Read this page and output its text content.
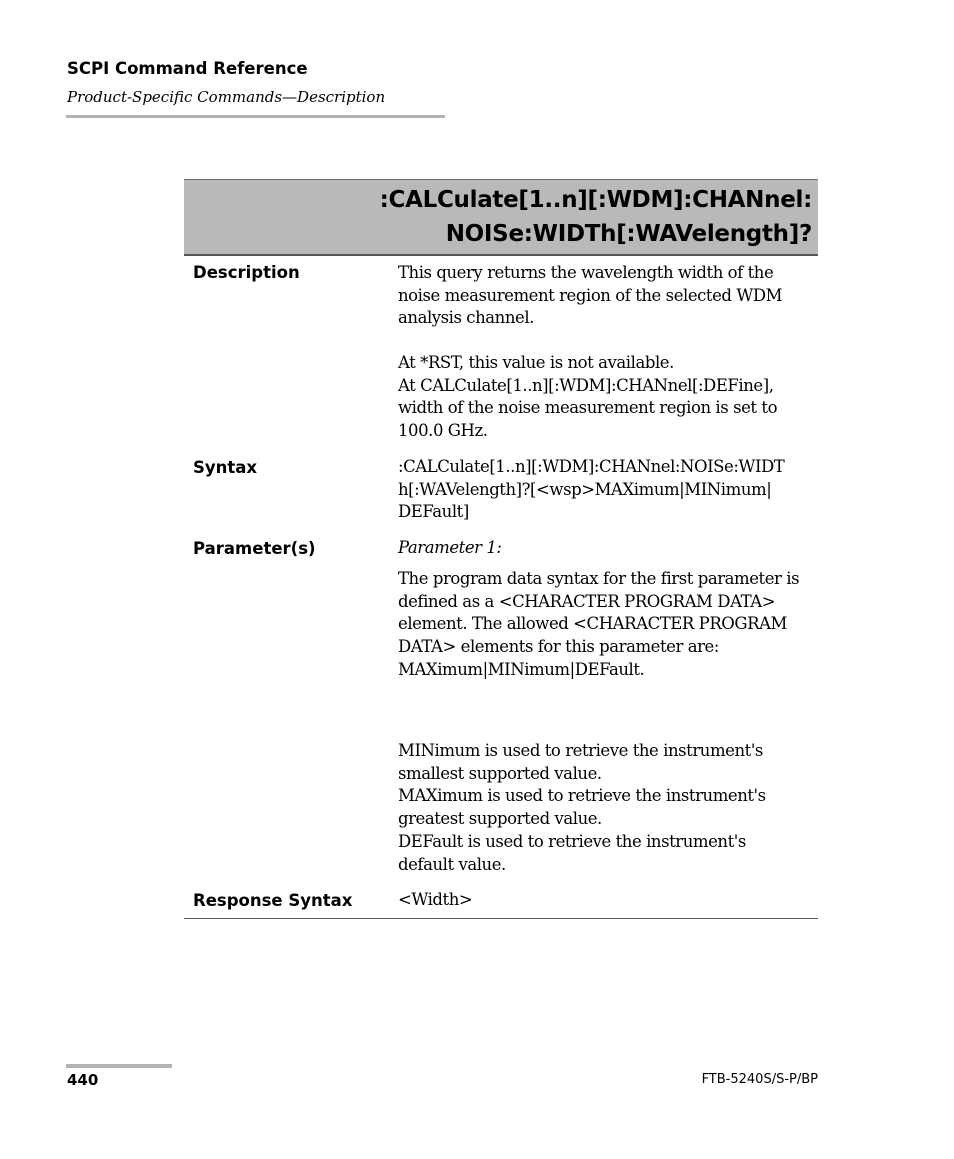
SCPI Command Reference
Product-Specific Commands—Description
:CALCulate[1..n][:WDM]:CHANnel:
NOISe:WIDTh[:WAVelength]?
Description	This query returns the wavelength width of the
noise measurement region of the selected WDM
analysis channel.
At *RST, this value is not available.
At CALCulate[1..n][:WDM]:CHANnel[:DEFine],
width of the noise measurement region is set to
100.0 GHz.
Syntax	:CALCulate[1..n][:WDM]:CHANnel:NOISe:WIDT
h[:WAVelength]?[<wsp>MAXimum|MINimum|
DEFault]
Parameter(s)	Parameter 1:
The program data syntax for the first parameter is
defined as a <CHARACTER PROGRAM DATA>
element. The allowed <CHARACTER PROGRAM
DATA> elements for this parameter are:
MAXimum|MINimum|DEFault.
MINimum is used to retrieve the instrument's
smallest supported value.
MAXimum is used to retrieve the instrument's
greatest supported value.
DEFault is used to retrieve the instrument's
default value.
Response Syntax	<Width>
440	FTB-5240S/S-P/BP
